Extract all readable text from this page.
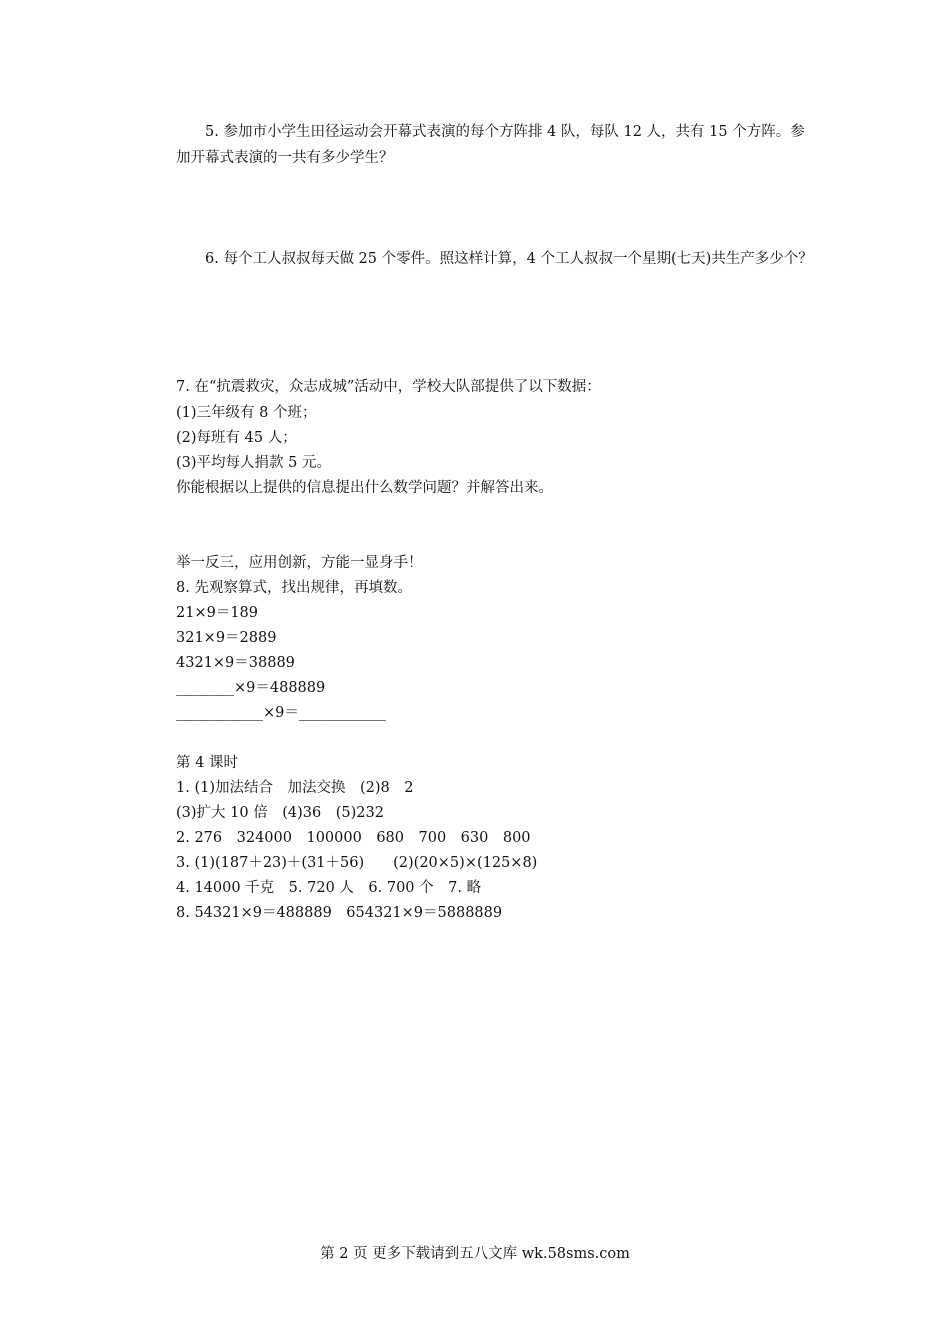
5. 参加市小学生田径运动会开幕式表演的每个方阵排 4 队，每队 12 人，共有 15 个方阵。参加开幕式表演的一共有多少学生？
6. 每个工人叔叔每天做 25 个零件。照这样计算，4 个工人叔叔一个星期(七天)共生产多少个？
7. 在“抗震救灾，众志成城”活动中，学校大队部提供了以下数据：
(1)三年级有 8 个班；
(2)每班有 45 人；
(3)平均每人捐款 5 元。
你能根据以上提供的信息提出什么数学问题？并解答出来。
举一反三，应用创新，方能一显身手！
8. 先观察算式，找出规律，再填数。
21×9＝189
321×9＝2889
4321×9＝38889
________×9＝488889
____________×9＝____________
第 4 课时
1. (1)加法结合　加法交换　(2)8　2
(3)扩大 10 倍　(4)36　(5)232
2. 276　324000　100000　680　700　630　800
3. (1)(187＋23)＋(31＋56)　　(2)(20×5)×(125×8)
4. 14000 千克　5. 720 人　6. 700 个　7. 略
8. 54321×9＝488889　654321×9＝5888889
第 2 页 更多下载请到五八文库 wk.58sms.com
